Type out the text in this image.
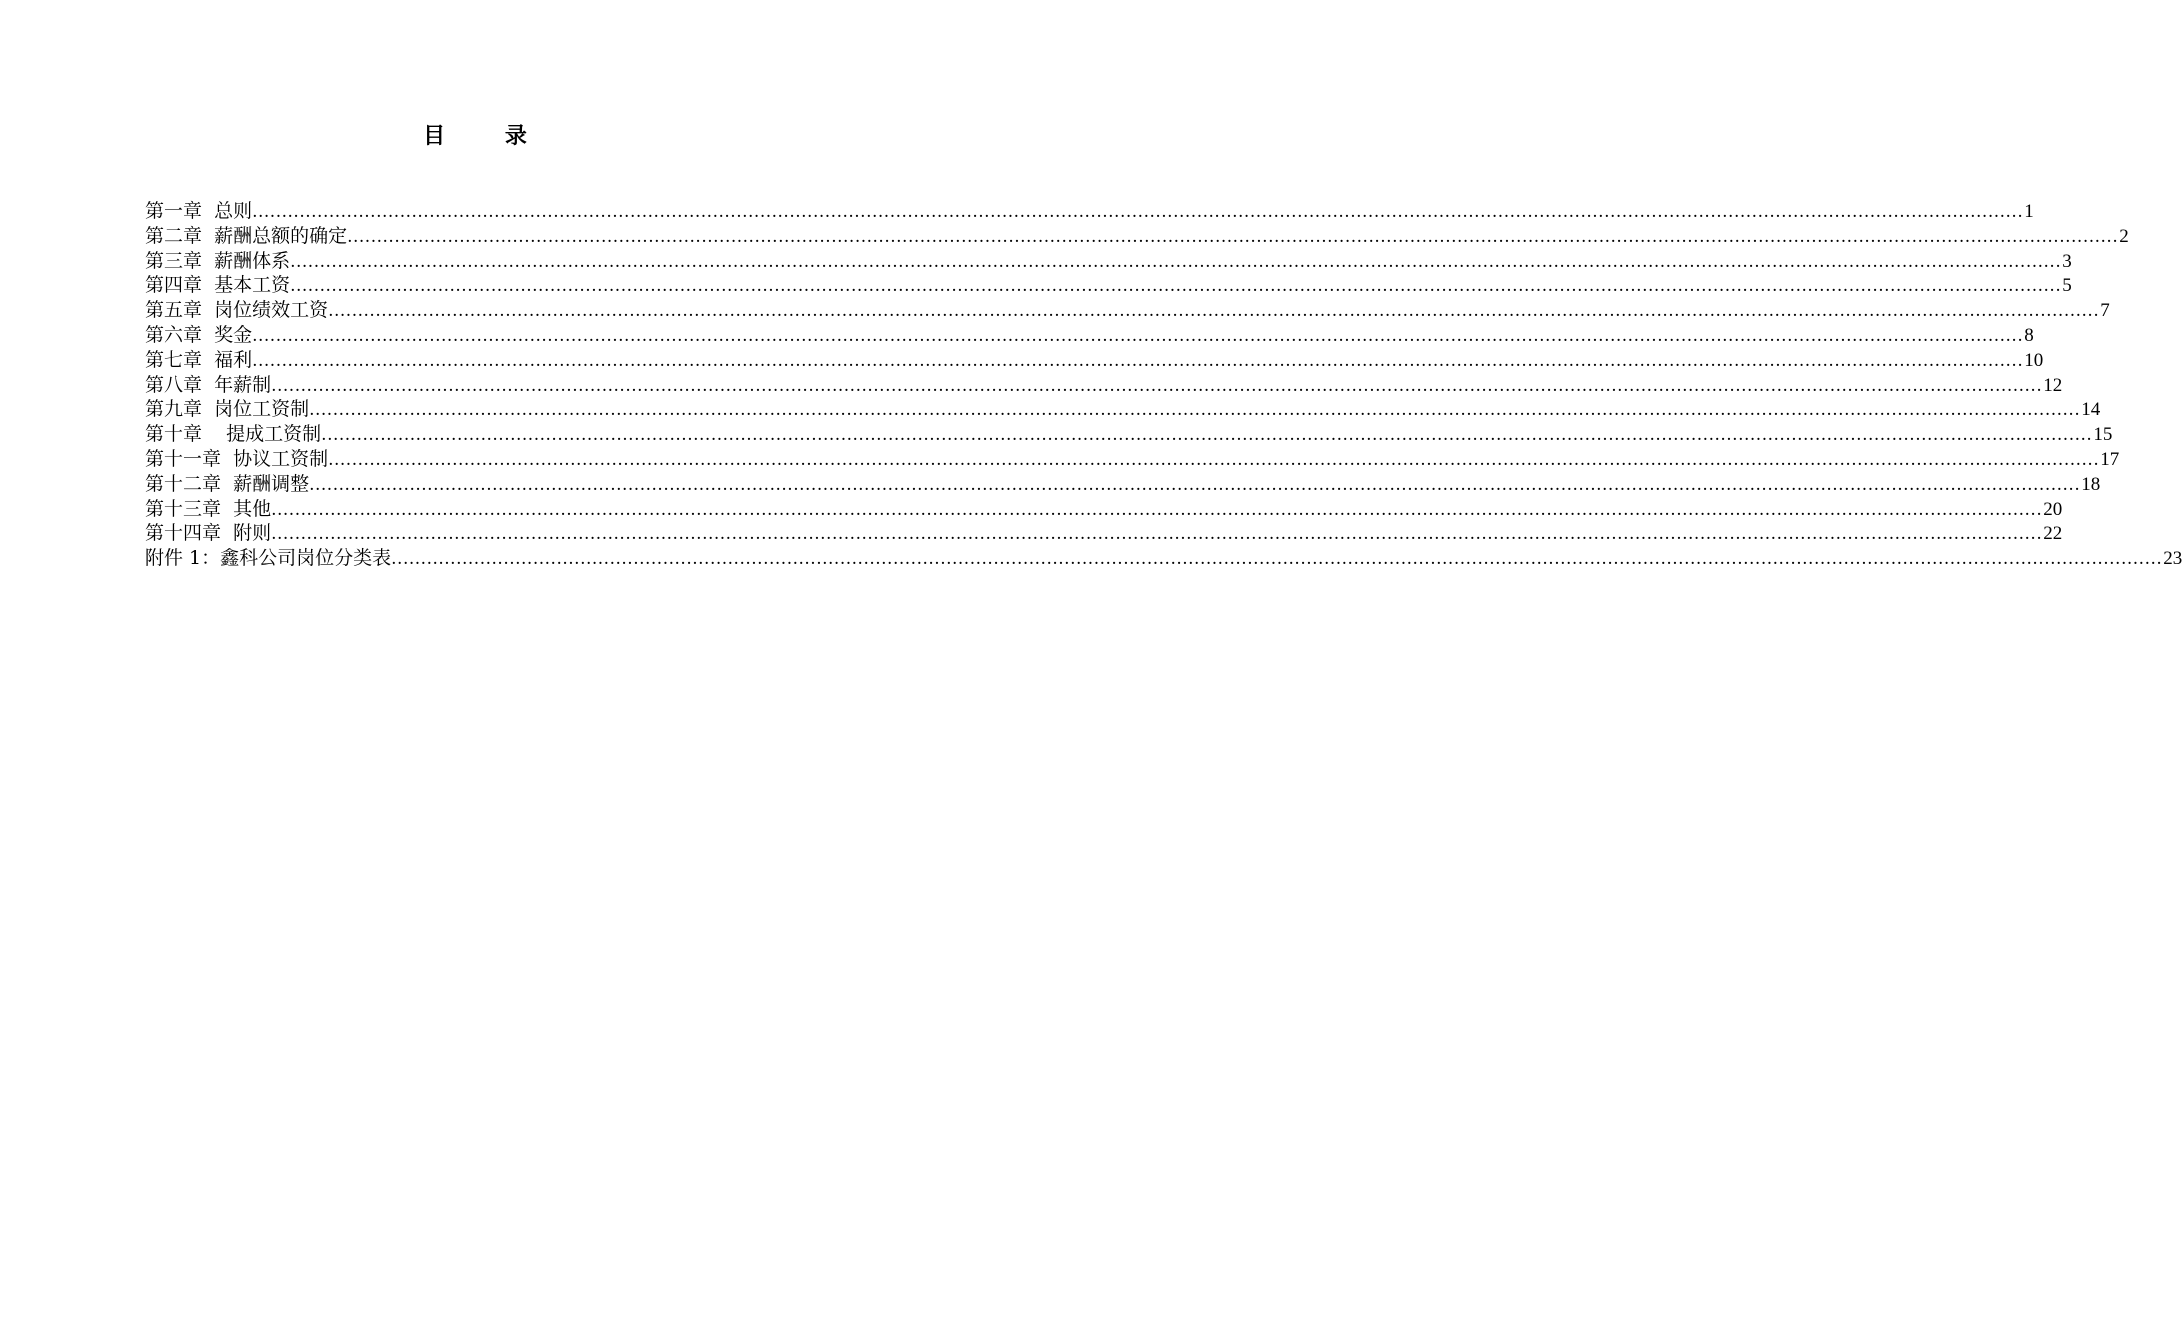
目 录
第一章  总则 ............................................................................................................................................................................................................................................................................................................ 1
第二章  薪酬总额的确定 ............................................................................................................................................................................................................................................................................................................ 2
第三章  薪酬体系 ............................................................................................................................................................................................................................................................................................................ 3
第四章  基本工资 ............................................................................................................................................................................................................................................................................................................ 5
第五章  岗位绩效工资 ............................................................................................................................................................................................................................................................................................................ 7
第六章  奖金 ............................................................................................................................................................................................................................................................................................................ 8
第七章  福利 ............................................................................................................................................................................................................................................................................................................ 10
第八章  年薪制 ............................................................................................................................................................................................................................................................................................................ 12
第九章  岗位工资制 ............................................................................................................................................................................................................................................................................................................ 14
第十章    提成工资制 ............................................................................................................................................................................................................................................................................................................ 15
第十一章  协议工资制 ............................................................................................................................................................................................................................................................................................................ 17
第十二章  薪酬调整 ............................................................................................................................................................................................................................................................................................................ 18
第十三章  其他 ............................................................................................................................................................................................................................................................................................................ 20
第十四章  附则 ............................................................................................................................................................................................................................................................................................................ 22
附件 1：鑫科公司岗位分类表 ............................................................................................................................................................................................................................................................................................................ 23
